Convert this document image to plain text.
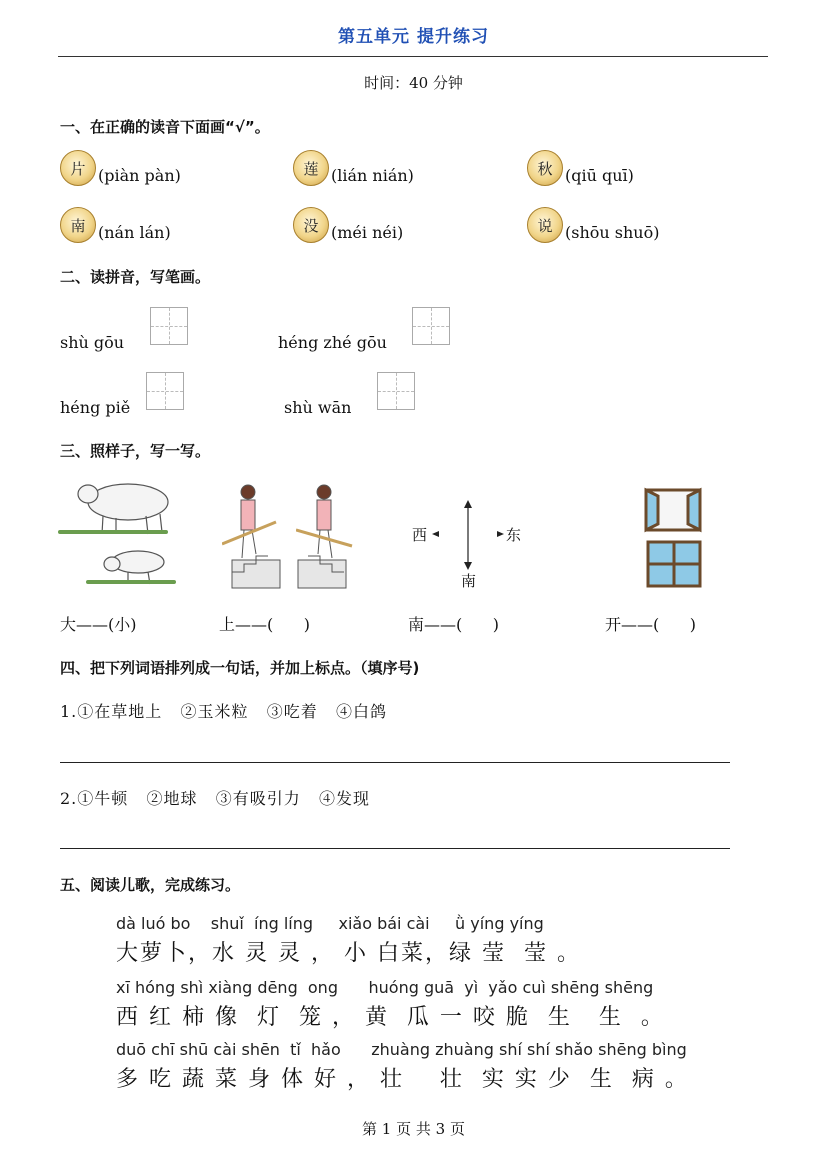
第五单元 提升练习
时间：40 分钟
一、在正确的读音下面画“√”。
片 (piàn pàn)	莲 (lián nián)	秋 (qiū quī)
南 (nán lán)	没 (méi néi)	说 (shōu shuō)
二、读拼音，写笔画。
shù gōu	héng zhé gōu
héng piě	shù wān
三、照样子，写一写。
西	东
南
大——(小)	上——(      )	南——(      )	开——(      )
四、把下列词语排列成一句话，并加上标点。（填序号)
1.①在草地上   ②玉米粒   ③吃着   ④白鸽
2.①牛顿   ②地球   ③有吸引力   ④发现
五、阅读儿歌，完成练习。
dà luó bo    shuǐ  íng líng     xiǎo bái cài     ǜ yíng yíng
大萝卜，水 灵 灵 ， 小 白菜，绿 莹  莹 。
xī hóng shì xiàng dēng  ong      huóng guā  yì  yǎo cuì shēng shēng
西 红 柿 像  灯  笼 ， 黄  瓜 一 咬 脆  生   生  。
duō chī shū cài shēn  tǐ  hǎo      zhuàng zhuàng shí shí shǎo shēng bìng
多 吃 蔬 菜 身 体 好 ， 壮    壮  实 实 少  生  病 。
第 1 页 共 3 页
